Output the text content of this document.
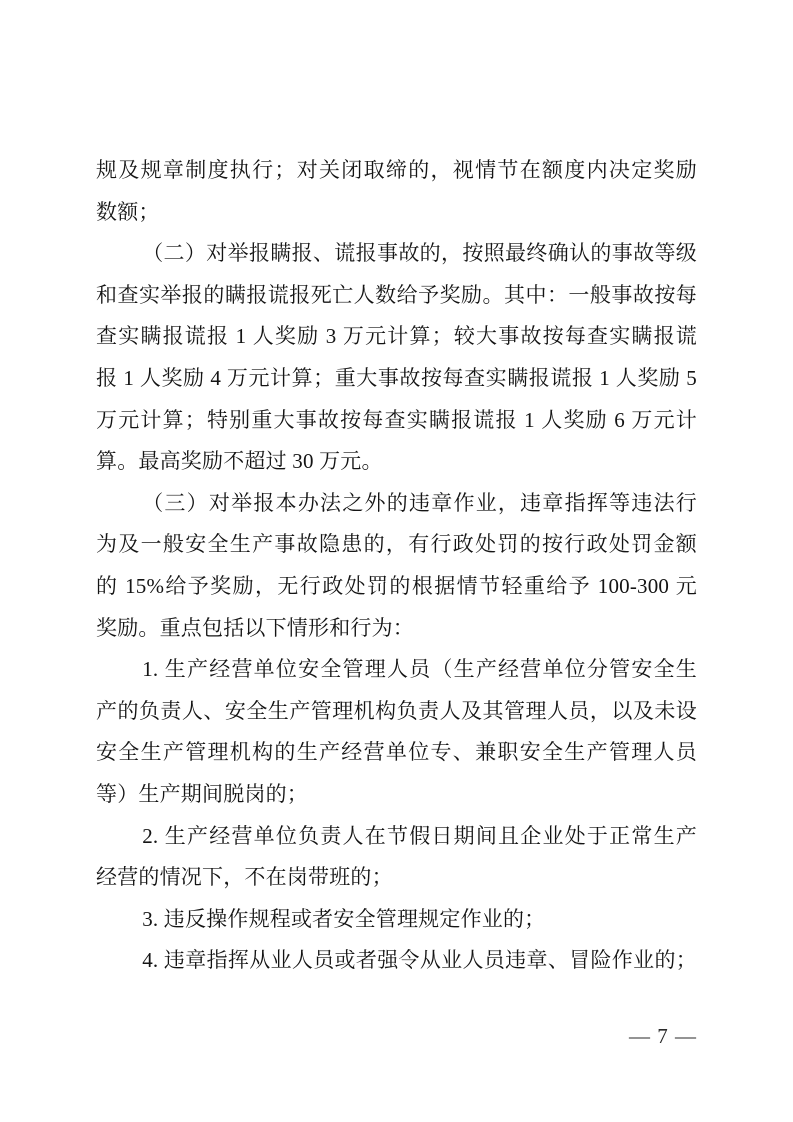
规及规章制度执行；对关闭取缔的，视情节在额度内决定奖励
数额；
（二）对举报瞒报、谎报事故的，按照最终确认的事故等级
和查实举报的瞒报谎报死亡人数给予奖励。其中：一般事故按每
查实瞒报谎报 1 人奖励 3 万元计算；较大事故按每查实瞒报谎
报 1 人奖励 4 万元计算；重大事故按每查实瞒报谎报 1 人奖励 5
万元计算；特别重大事故按每查实瞒报谎报 1 人奖励 6 万元计
算。最高奖励不超过 30 万元。
（三）对举报本办法之外的违章作业，违章指挥等违法行
为及一般安全生产事故隐患的，有行政处罚的按行政处罚金额
的 15%给予奖励，无行政处罚的根据情节轻重给予 100-300 元
奖励。重点包括以下情形和行为：
1. 生产经营单位安全管理人员（生产经营单位分管安全生
产的负责人、安全生产管理机构负责人及其管理人员，以及未设
安全生产管理机构的生产经营单位专、兼职安全生产管理人员
等）生产期间脱岗的；
2. 生产经营单位负责人在节假日期间且企业处于正常生产
经营的情况下，不在岗带班的；
3. 违反操作规程或者安全管理规定作业的；
4. 违章指挥从业人员或者强令从业人员违章、冒险作业的；
— 7 —
